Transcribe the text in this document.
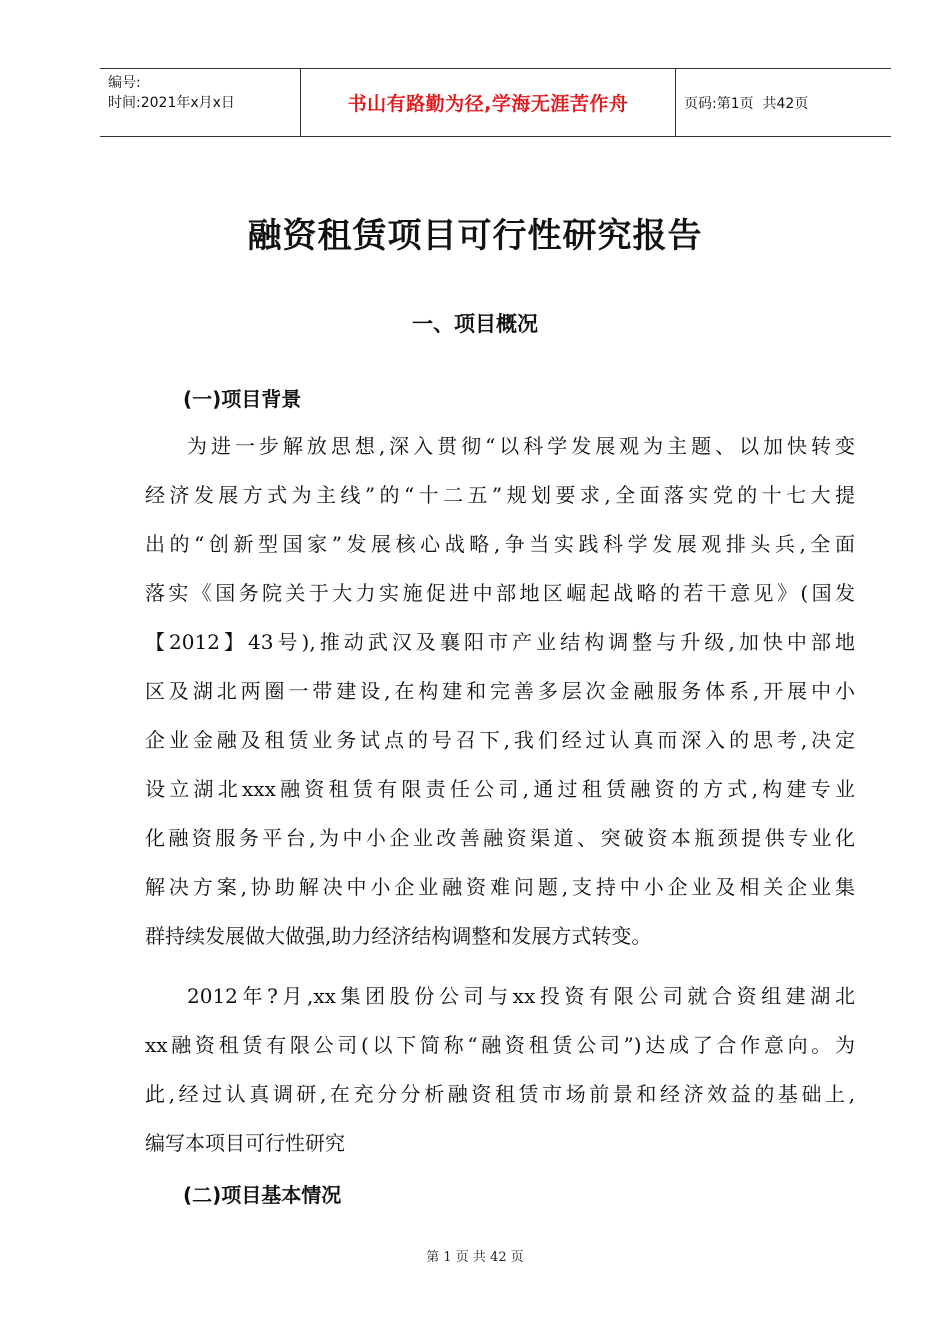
编号:
时间:2021年x月x日	书山有路勤为径,学海无涯苦作舟	页码:第1页  共42页
融资租赁项目可行性研究报告
一、项目概况
(一)项目背景
为进一步解放思想,深入贯彻“以科学发展观为主题、以加快转变
经济发展方式为主线”的“十二五”规划要求,全面落实党的十七大提
出的“创新型国家”发展核心战略,争当实践科学发展观排头兵,全面
落实《国务院关于大力实施促进中部地区崛起战略的若干意见》(国发
【2012】43号),推动武汉及襄阳市产业结构调整与升级,加快中部地
区及湖北两圈一带建设,在构建和完善多层次金融服务体系,开展中小
企业金融及租赁业务试点的号召下,我们经过认真而深入的思考,决定
设立湖北xxx融资租赁有限责任公司,通过租赁融资的方式,构建专业
化融资服务平台,为中小企业改善融资渠道、突破资本瓶颈提供专业化
解决方案,协助解决中小企业融资难问题,支持中小企业及相关企业集
群持续发展做大做强,助力经济结构调整和发展方式转变。
2012年?月,xx集团股份公司与xx投资有限公司就合资组建湖北
xx融资租赁有限公司(以下简称“融资租赁公司”)达成了合作意向。为
此,经过认真调研,在充分分析融资租赁市场前景和经济效益的基础上,
编写本项目可行性研究
(二)项目基本情况
第 1 页 共 42 页
